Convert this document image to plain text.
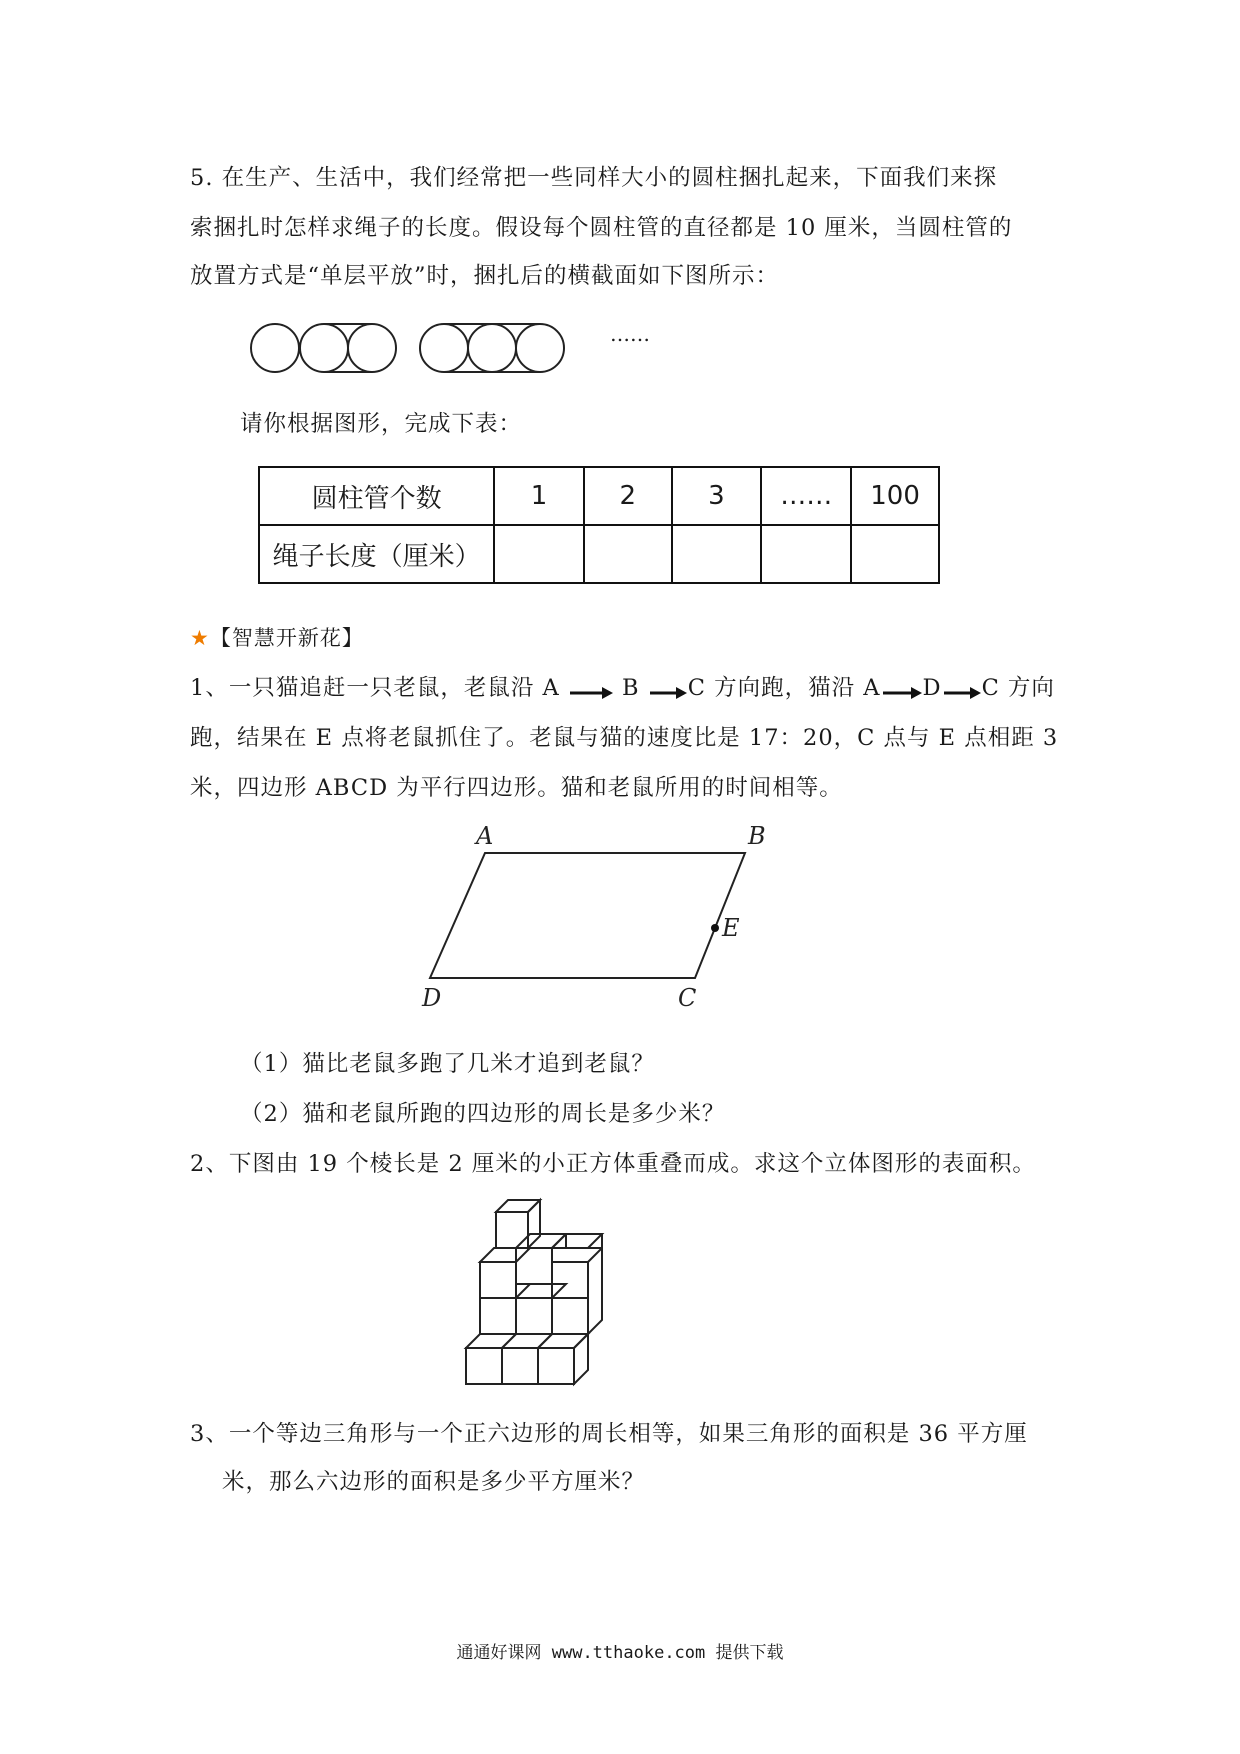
5. 在生产、生活中，我们经常把一些同样大小的圆柱捆扎起来，下面我们来探
索捆扎时怎样求绳子的长度。假设每个圆柱管的直径都是 10 厘米，当圆柱管的
放置方式是“单层平放”时，捆扎后的横截面如下图所示：
……
请你根据图形，完成下表：
圆柱管个数	1	2	3	……	100
绳子长度（厘米）					
★【智慧开新花】
1、一只猫追赶一只老鼠，老鼠沿 A	B C 方向跑，猫沿 A D C 方向
跑，结果在 E 点将老鼠抓住了。老鼠与猫的速度比是 17：20，C 点与 E 点相距 3
米，四边形 ABCD 为平行四边形。猫和老鼠所用的时间相等。
A	B
E
D	C
（1）猫比老鼠多跑了几米才追到老鼠？
（2）猫和老鼠所跑的四边形的周长是多少米？
2、下图由 19 个棱长是 2 厘米的小正方体重叠而成。求这个立体图形的表面积。
3、一个等边三角形与一个正六边形的周长相等，如果三角形的面积是 36 平方厘
米，那么六边形的面积是多少平方厘米？
通通好课网 www.tthaoke.com 提供下载
